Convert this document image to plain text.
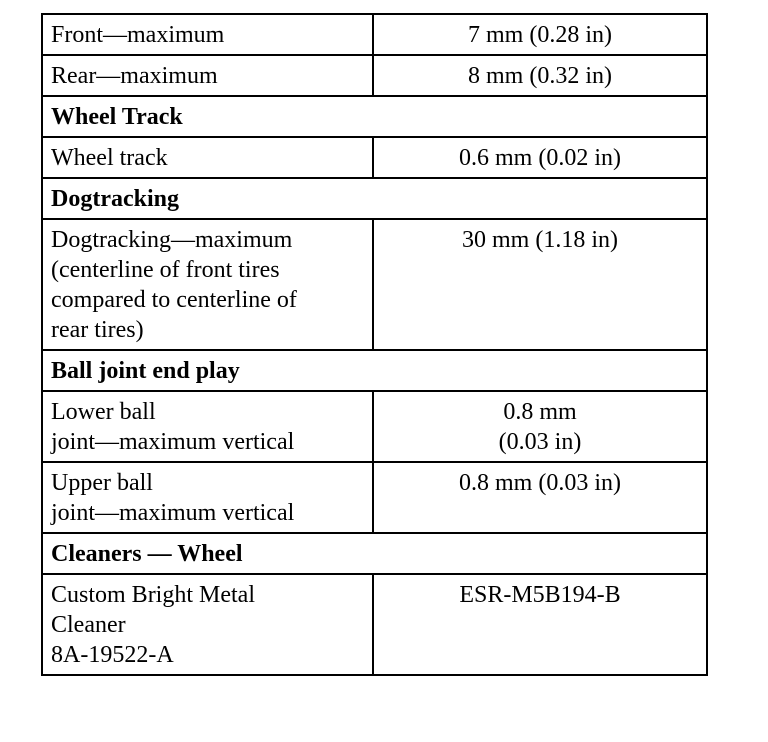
Front—maximum	7 mm (0.28 in)

Rear—maximum	8 mm (0.32 in)

Wheel Track	

Wheel track	0.6 mm (0.02 in)

Dogtracking	

Dogtracking—maximum
(centerline of front tires
compared to centerline of
rear tires)	30 mm (1.18 in)

Ball joint end play	

Lower ball
joint—maximum vertical	0.8 mm
(0.03 in)

Upper ball
joint—maximum vertical	0.8 mm (0.03 in)

Cleaners — Wheel	

Custom Bright Metal
Cleaner
8A-19522-A	ESR-M5B194-B
